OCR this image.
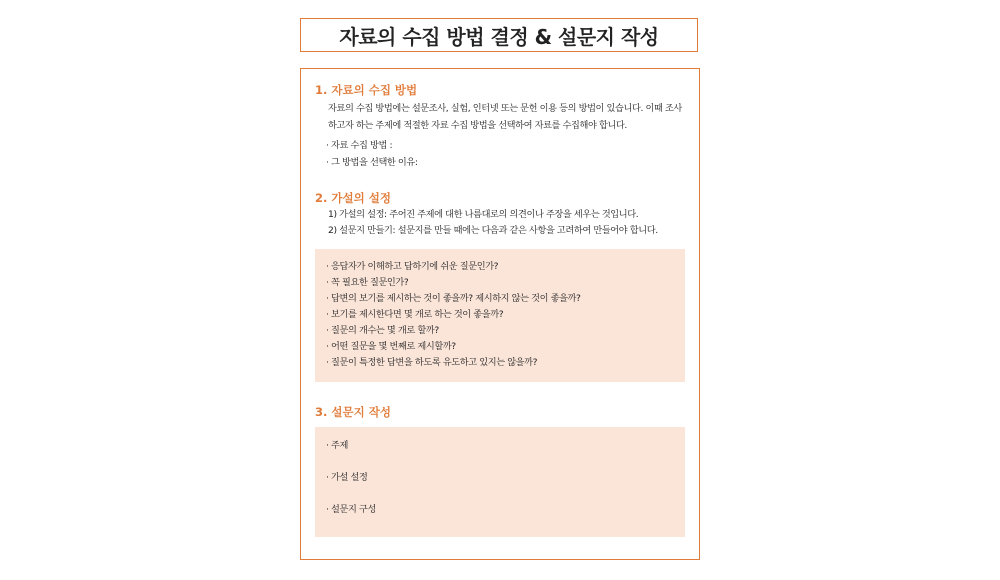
자료의 수집 방법 결정 & 설문지 작성
1. 자료의 수집 방법
자료의 수집 방법에는 설문조사, 실험, 인터넷 또는 문헌 이용 등의 방법이 있습니다. 이때 조사하고자 하는 주제에 적절한 자료 수집 방법을 선택하여 자료를 수집해야 합니다.
· 자료 수집 방법 :
· 그 방법을 선택한 이유:
2. 가설의 설정
1) 가설의 설정: 주어진 주제에 대한 나름대로의 의견이나 주장을 세우는 것입니다.
2) 설문지 만들기: 설문지를 만들 때에는 다음과 같은 사항을 고려하여 만들어야 합니다.
· 응답자가 이해하고 답하기에 쉬운 질문인가?
· 꼭 필요한 질문인가?
· 답변의 보기를 제시하는 것이 좋을까? 제시하지 않는 것이 좋을까?
· 보기를 제시한다면 몇 개로 하는 것이 좋을까?
· 질문의 개수는 몇 개로 할까?
· 어떤 질문을 몇 번째로 제시할까?
· 질문이 특정한 답변을 하도록 유도하고 있지는 않을까?
3. 설문지 작성
· 주제
· 가설 설정
· 설문지 구성
